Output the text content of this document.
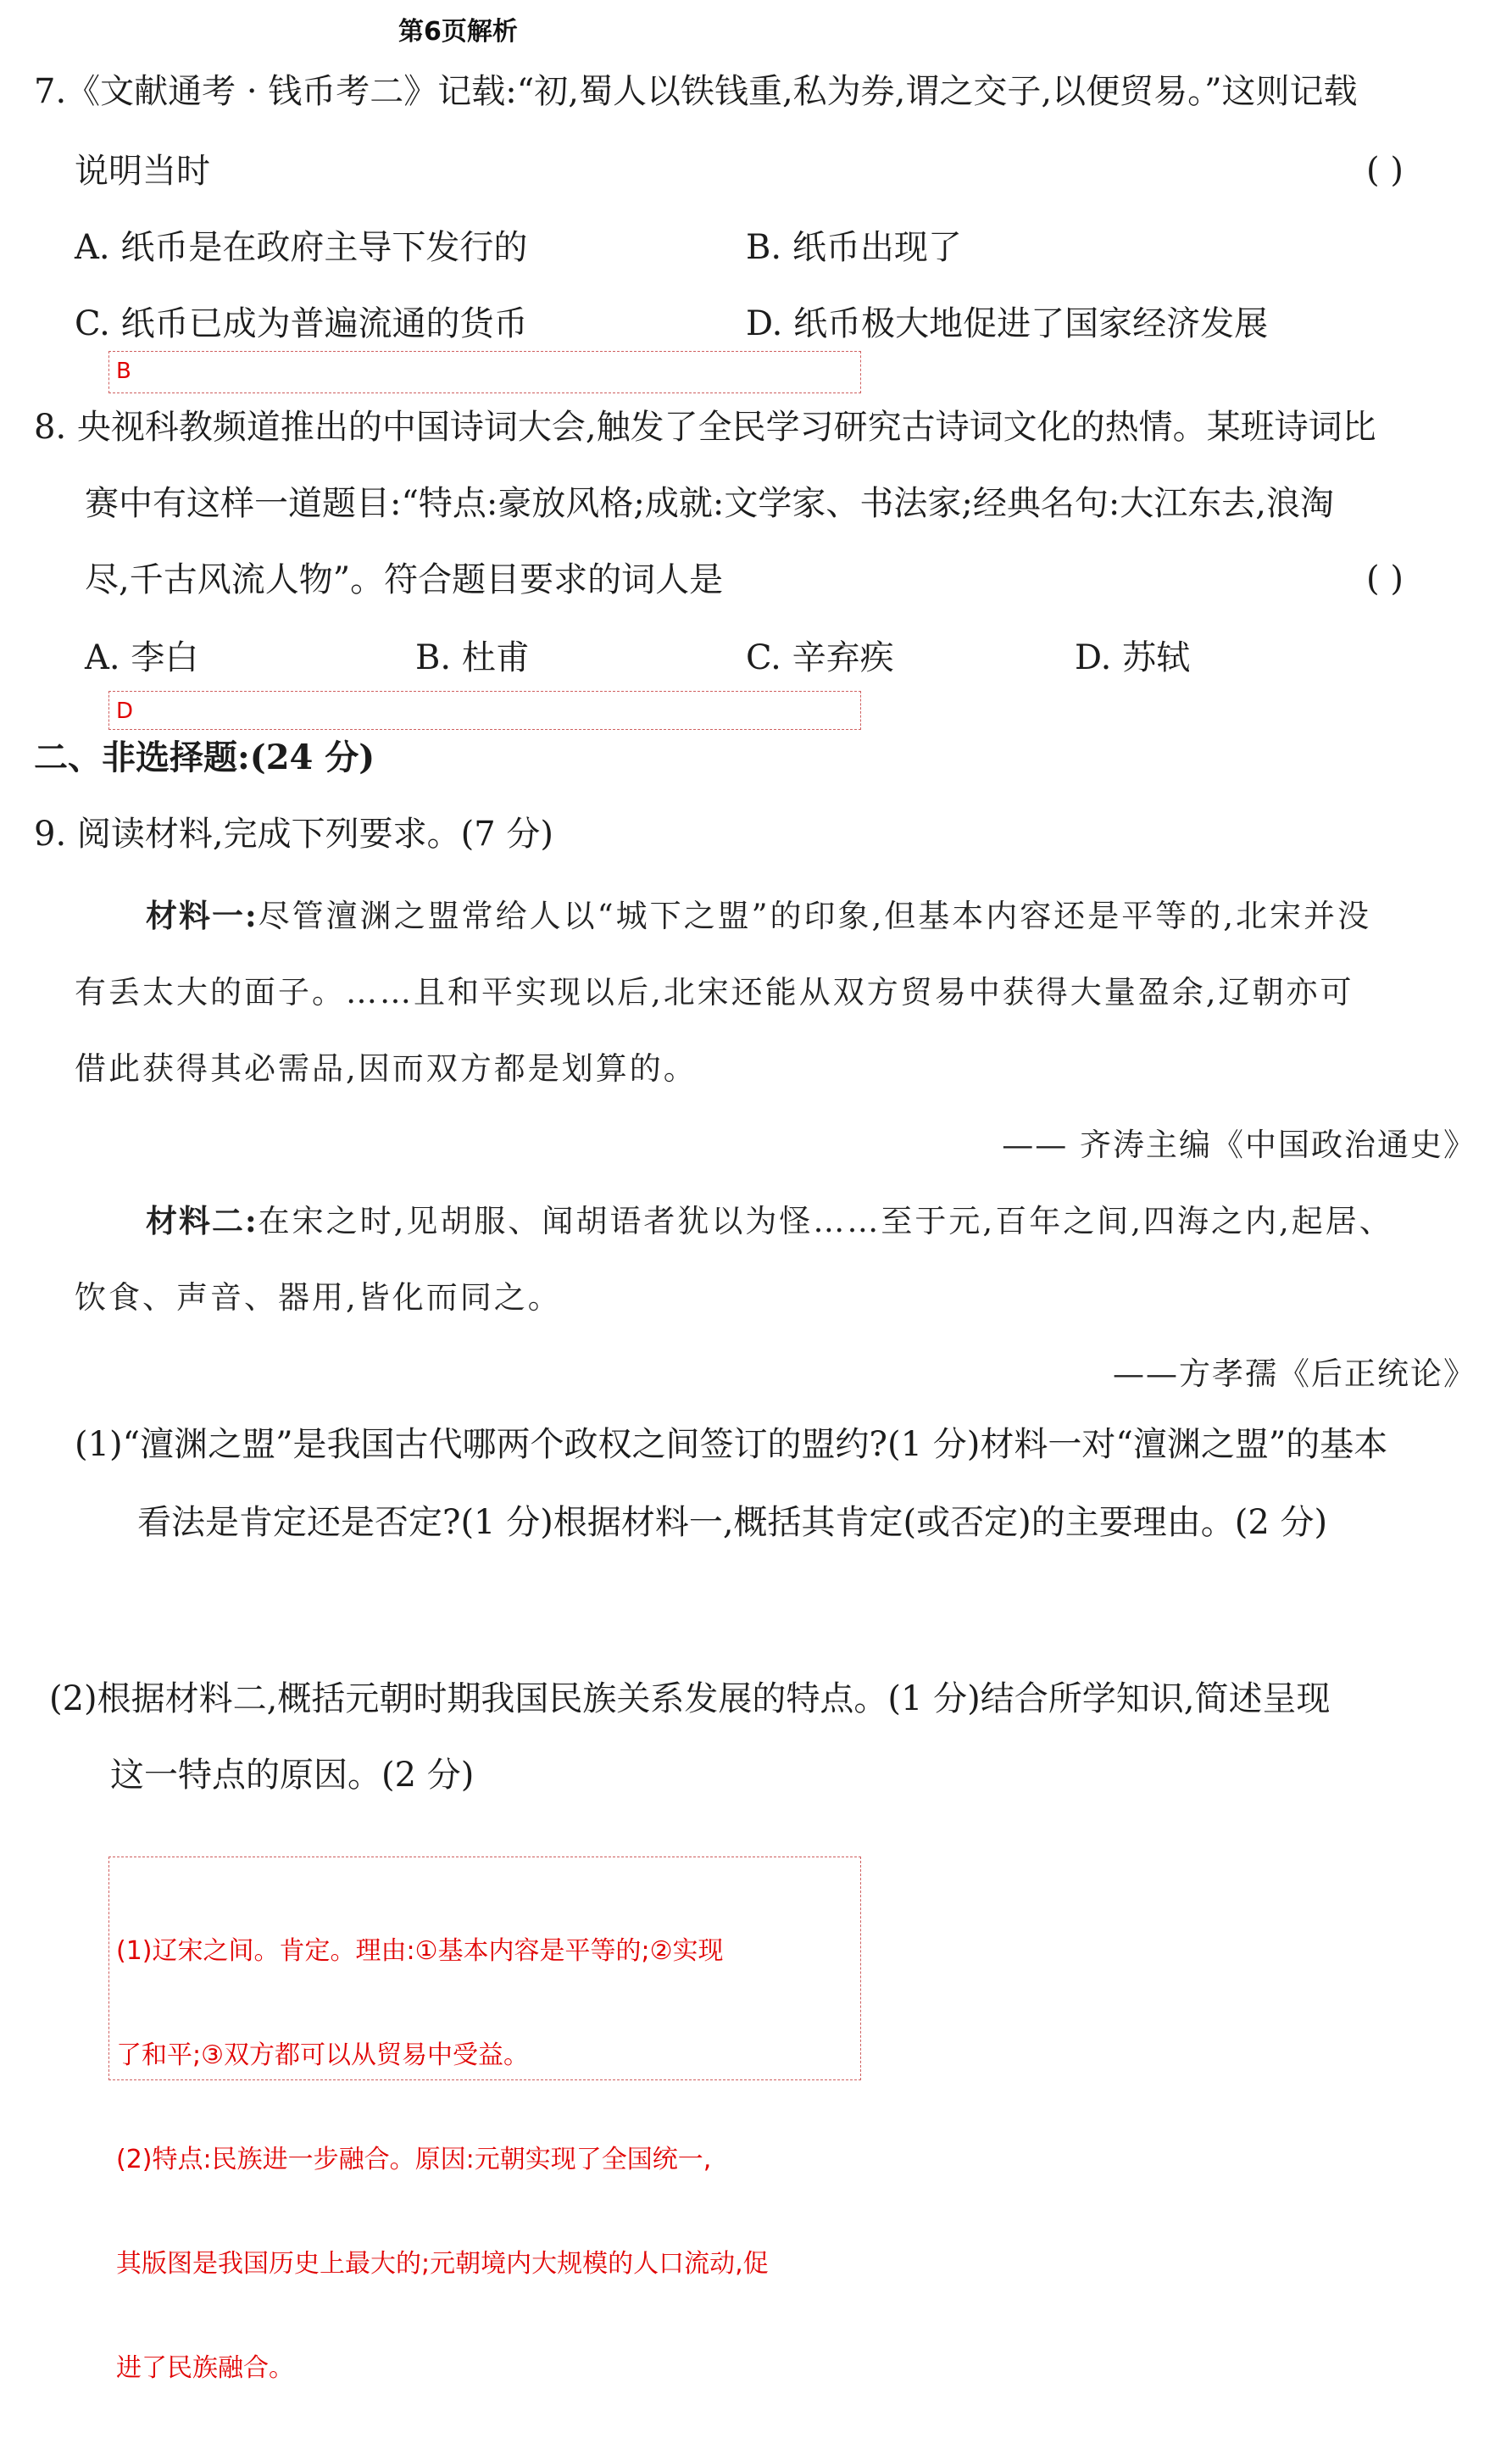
第6页解析
7.《文献通考 · 钱币考二》记载:“初,蜀人以铁钱重,私为券,谓之交子,以便贸易。”这则记载
说明当时	( )
A. 纸币是在政府主导下发行的	B. 纸币出现了
C. 纸币已成为普遍流通的货币	D. 纸币极大地促进了国家经济发展
B
8. 央视科教频道推出的中国诗词大会,触发了全民学习研究古诗词文化的热情。某班诗词比
赛中有这样一道题目:“特点:豪放风格;成就:文学家、书法家;经典名句:大江东去,浪淘
尽,千古风流人物”。符合题目要求的词人是	( )
A. 李白	B. 杜甫	C. 辛弃疾	D. 苏轼
D
二、非选择题:(24 分)
9. 阅读材料,完成下列要求。(7 分)
材料一:尽管澶渊之盟常给人以“城下之盟”的印象,但基本内容还是平等的,北宋并没
有丢太大的面子。……且和平实现以后,北宋还能从双方贸易中获得大量盈余,辽朝亦可
借此获得其必需品,因而双方都是划算的。
—— 齐涛主编《中国政治通史》
材料二:在宋之时,见胡服、闻胡语者犹以为怪……至于元,百年之间,四海之内,起居、
饮食、声音、器用,皆化而同之。
——方孝孺《后正统论》
(1)“澶渊之盟”是我国古代哪两个政权之间签订的盟约?(1 分)材料一对“澶渊之盟”的基本
看法是肯定还是否定?(1 分)根据材料一,概括其肯定(或否定)的主要理由。(2 分)
(2)根据材料二,概括元朝时期我国民族关系发展的特点。(1 分)结合所学知识,简述呈现
这一特点的原因。(2 分)

(1)辽宋之间。肯定。理由:①基本内容是平等的;②实现

了和平;③双方都可以从贸易中受益。

(2)特点:民族进一步融合。原因:元朝实现了全国统一,

其版图是我国历史上最大的;元朝境内大规模的人口流动,促

进了民族融合。
